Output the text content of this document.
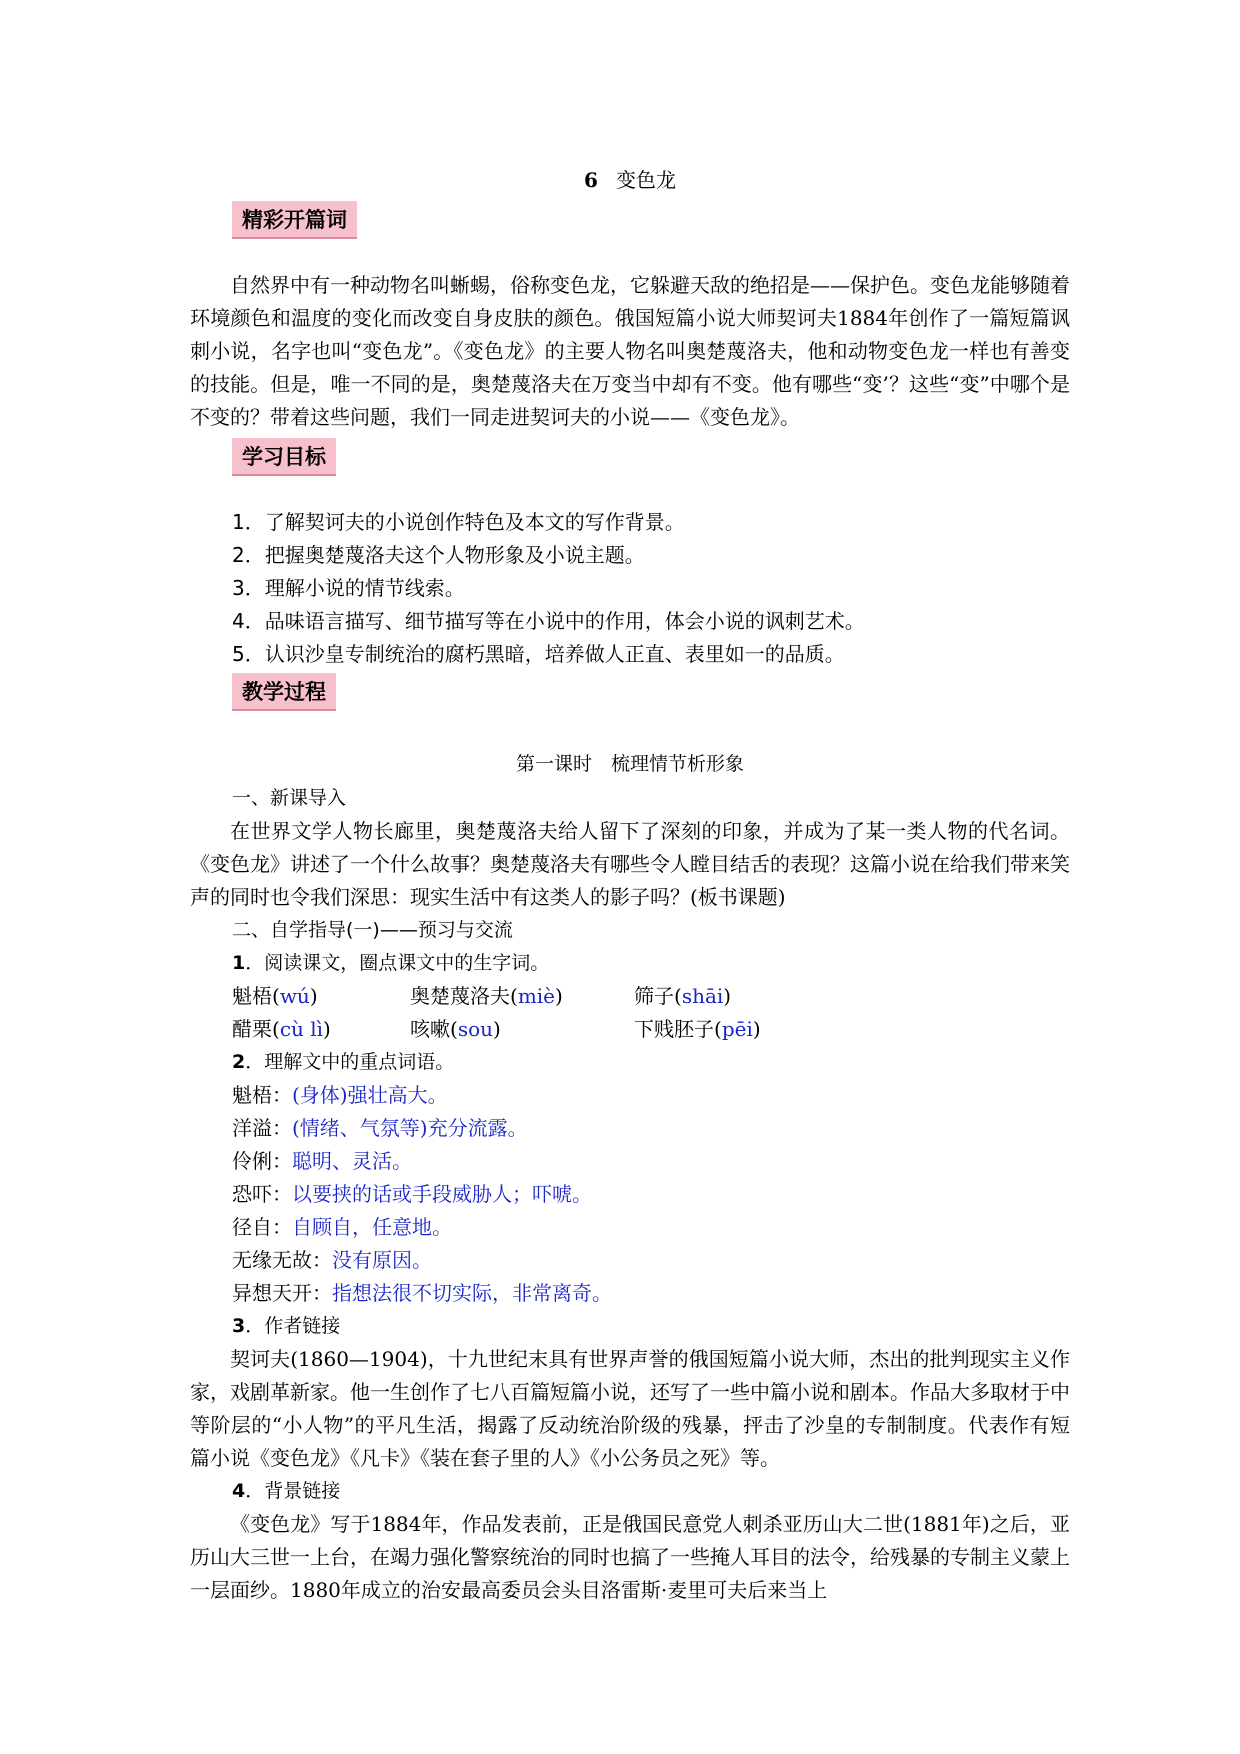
6 变色龙
精彩开篇词

自然界中有一种动物名叫蜥蜴，俗称变色龙，它躲避天敌的绝招是——保护色。变色龙能够随着环境颜色和温度的变化而改变自身皮肤的颜色。俄国短篇小说大师契诃夫1884年创作了一篇短篇讽刺小说，名字也叫“变色龙”。《变色龙》的主要人物名叫奥楚蔑洛夫，他和动物变色龙一样也有善变的技能。但是，唯一不同的是，奥楚蔑洛夫在万变当中却有不变。他有哪些“变’？这些“变”中哪个是不变的？带着这些问题，我们一同走进契诃夫的小说——《变色龙》。

学习目标
1．了解契诃夫的小说创作特色及本文的写作背景。
2．把握奥楚蔑洛夫这个人物形象及小说主题。
3．理解小说的情节线索。
4．品味语言描写、细节描写等在小说中的作用，体会小说的讽刺艺术。
5．认识沙皇专制统治的腐朽黑暗，培养做人正直、表里如一的品质。
教学过程
第一课时　梳理情节析形象
一、新课导入

在世界文学人物长廊里，奥楚蔑洛夫给人留下了深刻的印象，并成为了某一类人物的代名词。《变色龙》讲述了一个什么故事？奥楚蔑洛夫有哪些令人瞠目结舌的表现？这篇小说在给我们带来笑声的同时也令我们深思：现实生活中有这类人的影子吗？(板书课题)

二、自学指导(一)——预习与交流
1．阅读课文，圈点课文中的生字词。
魁梧(wú)	奥楚蔑洛夫(miè)	筛子(shāi)
醋栗(cù lì)	咳嗽(sou)	下贱胚子(pēi)
2．理解文中的重点词语。
魁梧：(身体)强壮高大。
洋溢：(情绪、气氛等)充分流露。
伶俐：聪明、灵活。
恐吓：以要挟的话或手段威胁人；吓唬。
径自：自顾自，任意地。
无缘无故：没有原因。
异想天开：指想法很不切实际，非常离奇。
3．作者链接

契诃夫(1860—1904)，十九世纪末具有世界声誉的俄国短篇小说大师，杰出的批判现实主义作家，戏剧革新家。他一生创作了七八百篇短篇小说，还写了一些中篇小说和剧本。作品大多取材于中等阶层的“小人物”的平凡生活，揭露了反动统治阶级的残暴，抨击了沙皇的专制制度。代表作有短篇小说《变色龙》《凡卡》《装在套子里的人》《小公务员之死》等。

4．背景链接

《变色龙》写于1884年，作品发表前，正是俄国民意党人刺杀亚历山大二世(1881年)之后，亚历山大三世一上台，在竭力强化警察统治的同时也搞了一些掩人耳目的法令，给残暴的专制主义蒙上一层面纱。1880年成立的治安最高委员会头目洛雷斯·麦里可夫后来当上
